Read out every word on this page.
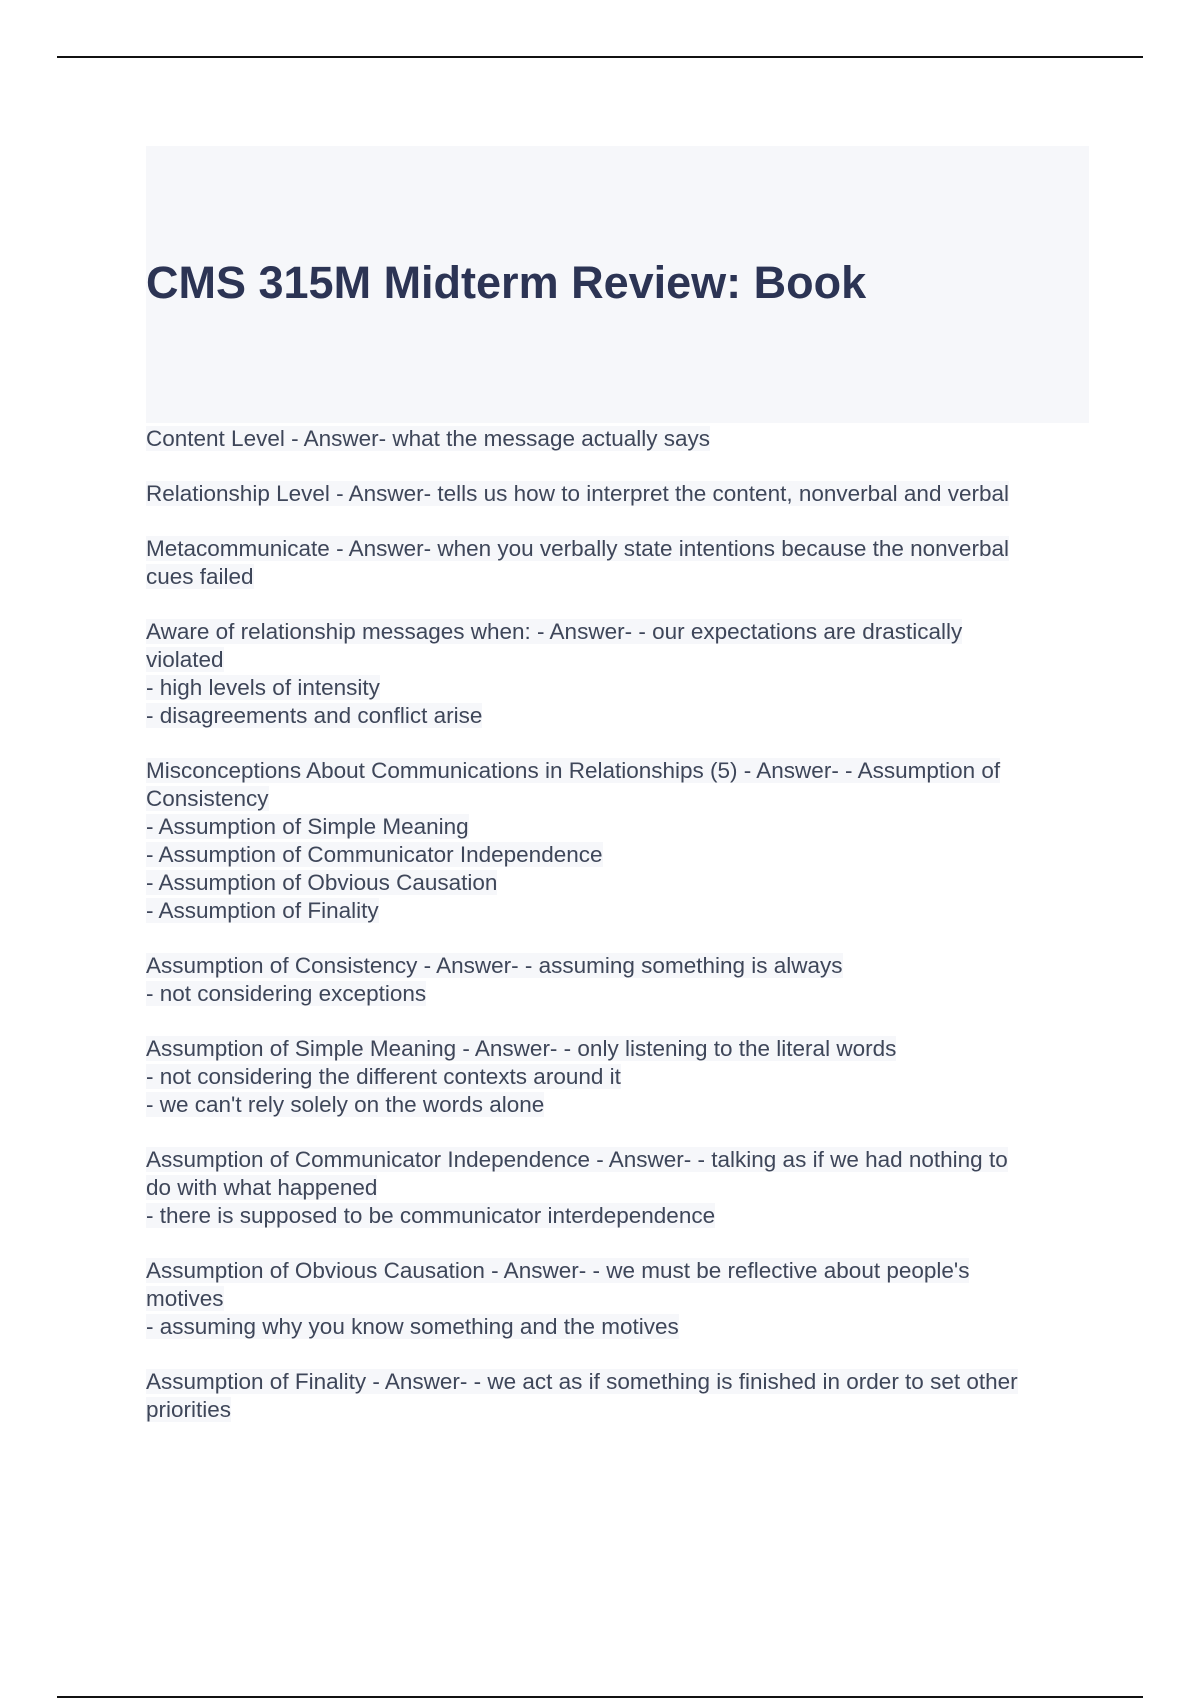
CMS 315M Midterm Review: Book
Content Level - Answer- what the message actually says
Relationship Level - Answer- tells us how to interpret the content, nonverbal and verbal
Metacommunicate - Answer- when you verbally state intentions because the nonverbal
cues failed
Aware of relationship messages when: - Answer- - our expectations are drastically
violated
- high levels of intensity
- disagreements and conflict arise
Misconceptions About Communications in Relationships (5) - Answer- - Assumption of
Consistency
- Assumption of Simple Meaning
- Assumption of Communicator Independence
- Assumption of Obvious Causation
- Assumption of Finality
Assumption of Consistency - Answer- - assuming something is always
- not considering exceptions
Assumption of Simple Meaning - Answer- - only listening to the literal words
- not considering the different contexts around it
- we can't rely solely on the words alone
Assumption of Communicator Independence - Answer- - talking as if we had nothing to
do with what happened
- there is supposed to be communicator interdependence
Assumption of Obvious Causation - Answer- - we must be reflective about people's
motives
- assuming why you know something and the motives
Assumption of Finality - Answer- - we act as if something is finished in order to set other
priorities
